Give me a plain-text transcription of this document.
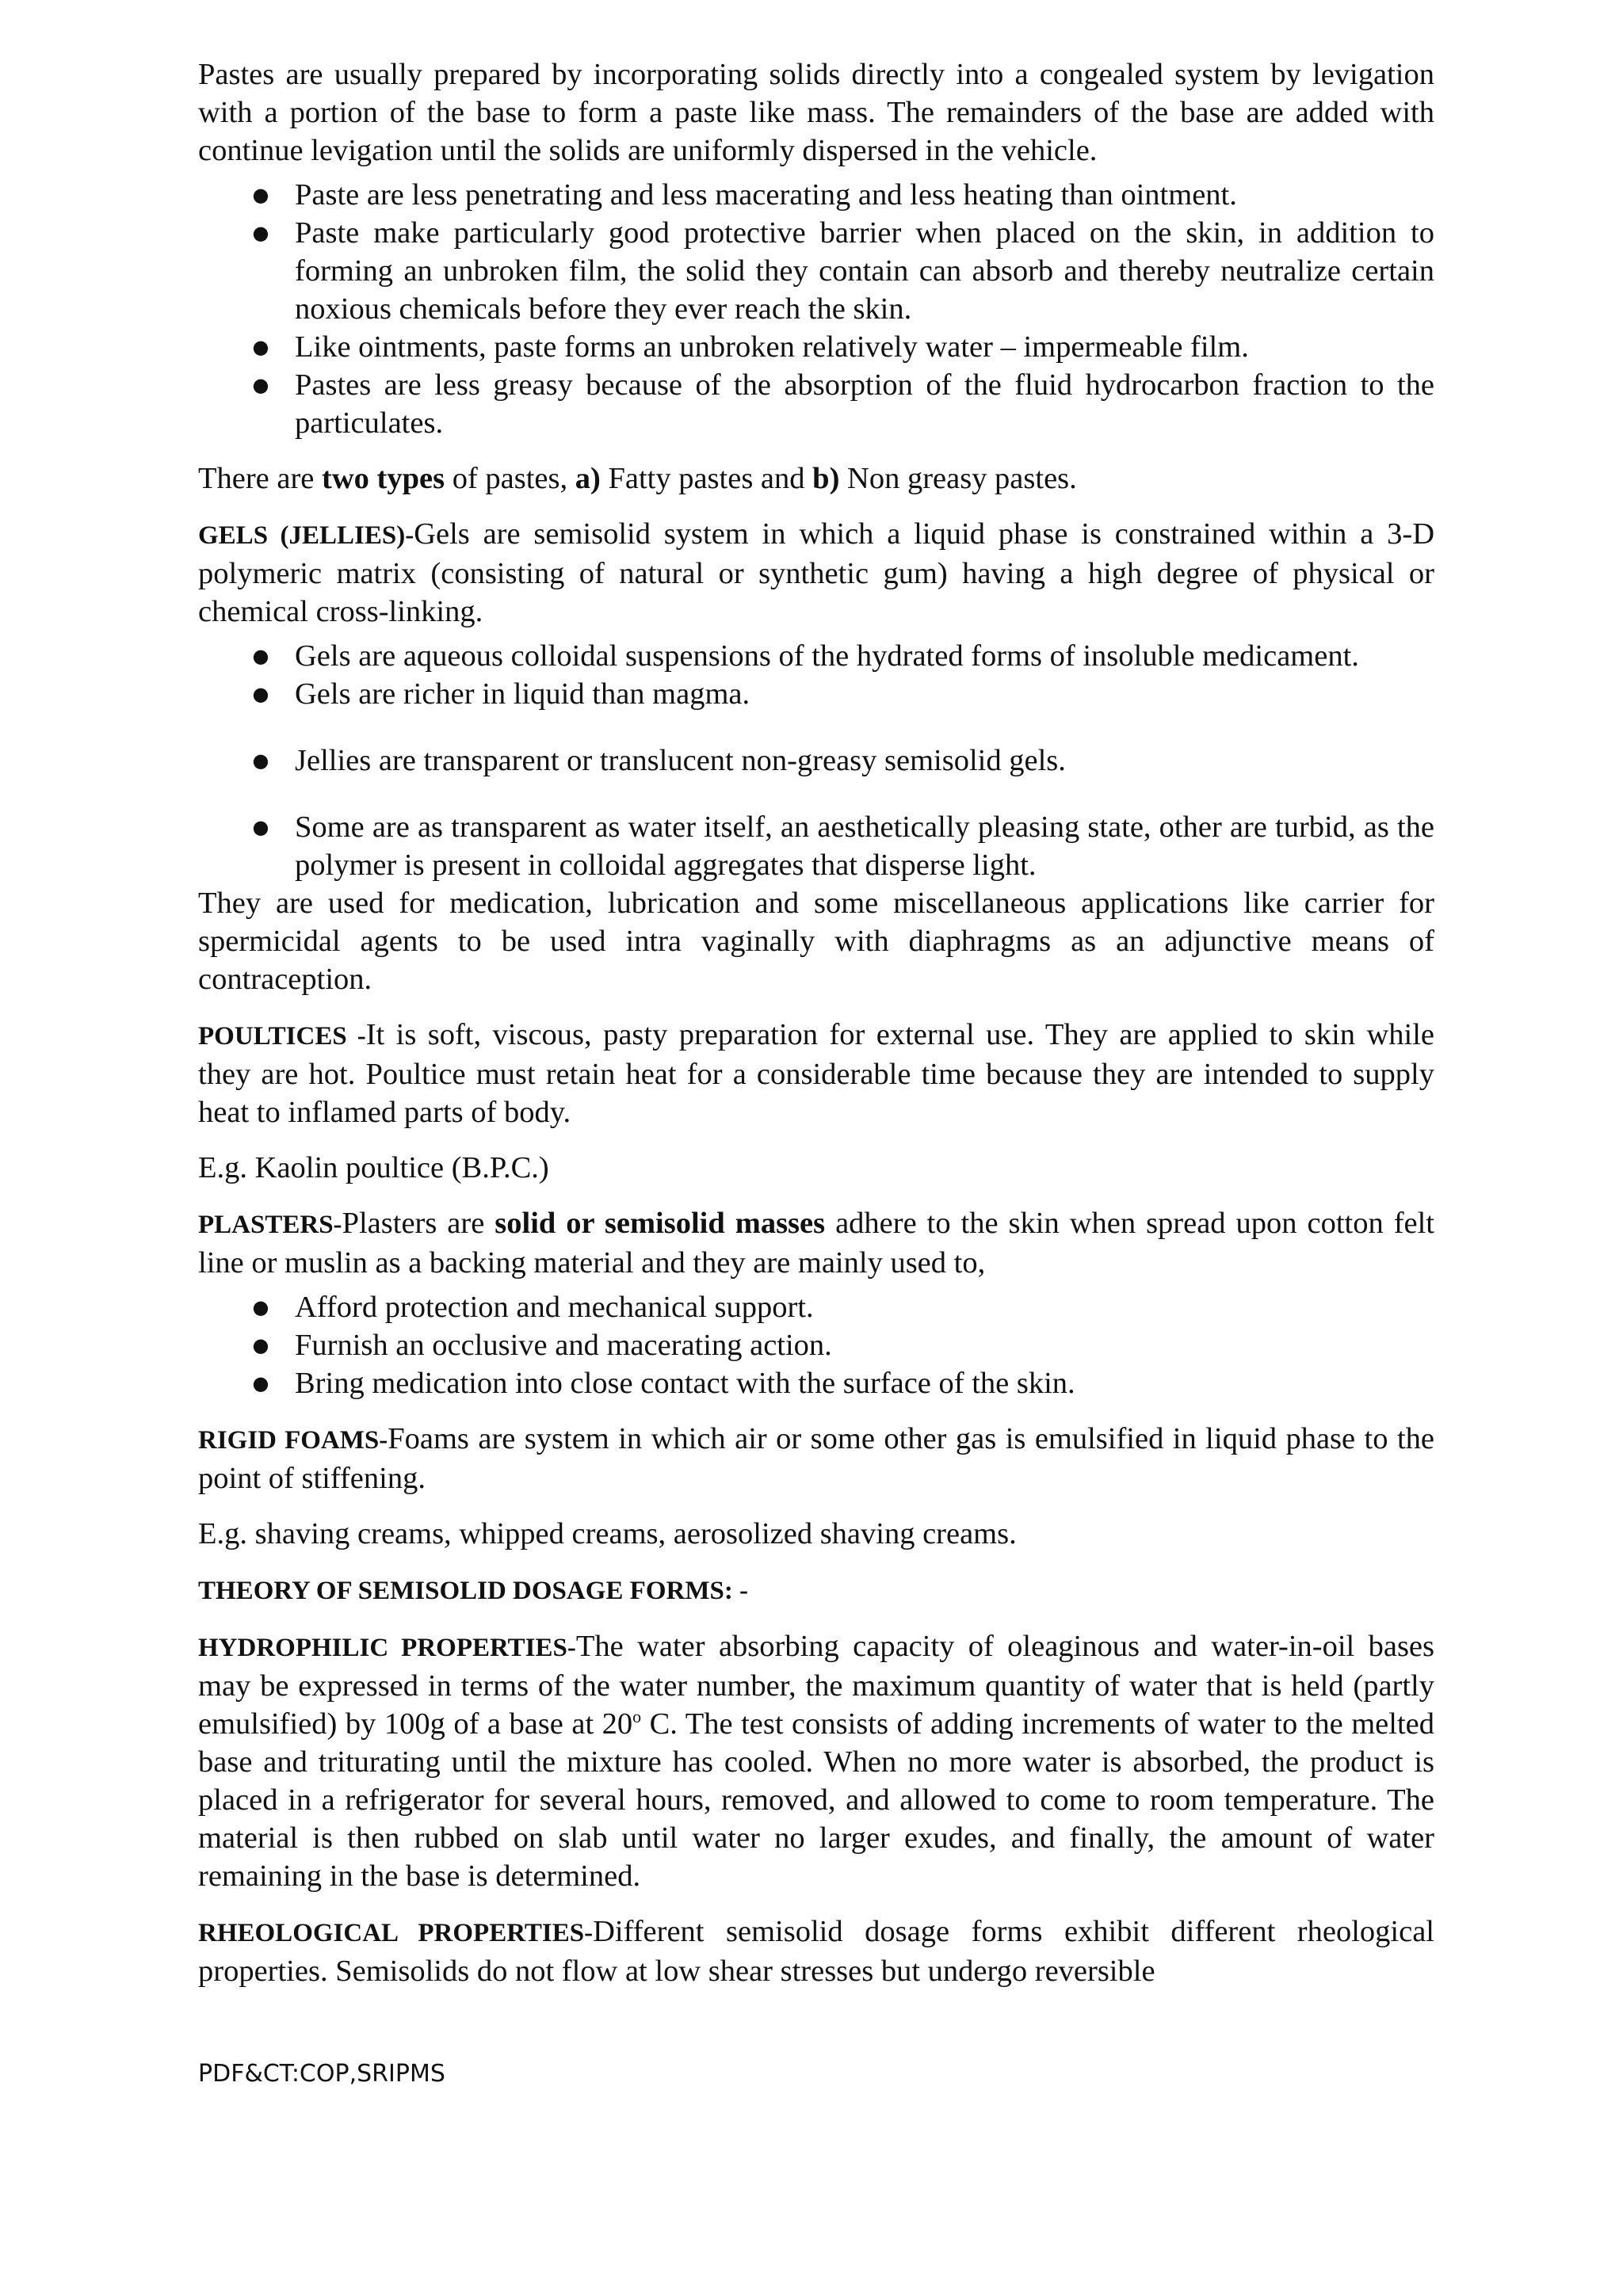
Pastes are usually prepared by incorporating solids directly into a congealed system by levigation with a portion of the base to form a paste like mass. The remainders of the base are added with continue levigation until the solids are uniformly dispersed in the vehicle.

● Paste are less penetrating and less macerating and less heating than ointment.
● Paste make particularly good protective barrier when placed on the skin, in addition to forming an unbroken film, the solid they contain can absorb and thereby neutralize certain noxious chemicals before they ever reach the skin.
● Like ointments, paste forms an unbroken relatively water – impermeable film.
● Pastes are less greasy because of the absorption of the fluid hydrocarbon fraction to the particulates.

There are two types of pastes, a) Fatty pastes and b) Non greasy pastes.

GELS (JELLIES)-Gels are semisolid system in which a liquid phase is constrained within a 3-D polymeric matrix (consisting of natural or synthetic gum) having a high degree of physical or chemical cross-linking.

● Gels are aqueous colloidal suspensions of the hydrated forms of insoluble medicament.
● Gels are richer in liquid than magma.
● Jellies are transparent or translucent non-greasy semisolid gels.
● Some are as transparent as water itself, an aesthetically pleasing state, other are turbid, as the polymer is present in colloidal aggregates that disperse light.

They are used for medication, lubrication and some miscellaneous applications like carrier for spermicidal agents to be used intra vaginally with diaphragms as an adjunctive means of contraception.

POULTICES -It is soft, viscous, pasty preparation for external use. They are applied to skin while they are hot. Poultice must retain heat for a considerable time because they are intended to supply heat to inflamed parts of body.

E.g. Kaolin poultice (B.P.C.)

PLASTERS-Plasters are solid or semisolid masses adhere to the skin when spread upon cotton felt line or muslin as a backing material and they are mainly used to,

● Afford protection and mechanical support.
● Furnish an occlusive and macerating action.
● Bring medication into close contact with the surface of the skin.

RIGID FOAMS-Foams are system in which air or some other gas is emulsified in liquid phase to the point of stiffening.

E.g. shaving creams, whipped creams, aerosolized shaving creams.

THEORY OF SEMISOLID DOSAGE FORMS: -

HYDROPHILIC PROPERTIES-The water absorbing capacity of oleaginous and water-in-oil bases may be expressed in terms of the water number, the maximum quantity of water that is held (partly emulsified) by 100g of a base at 20$^o$ C. The test consists of adding increments of water to the melted base and triturating until the mixture has cooled. When no more water is absorbed, the product is placed in a refrigerator for several hours, removed, and allowed to come to room temperature. The material is then rubbed on slab until water no larger exudes, and finally, the amount of water remaining in the base is determined.

RHEOLOGICAL PROPERTIES-Different semisolid dosage forms exhibit different rheological properties. Semisolids do not flow at low shear stresses but undergo reversible

PDF&CT:COP,SRIPMS
